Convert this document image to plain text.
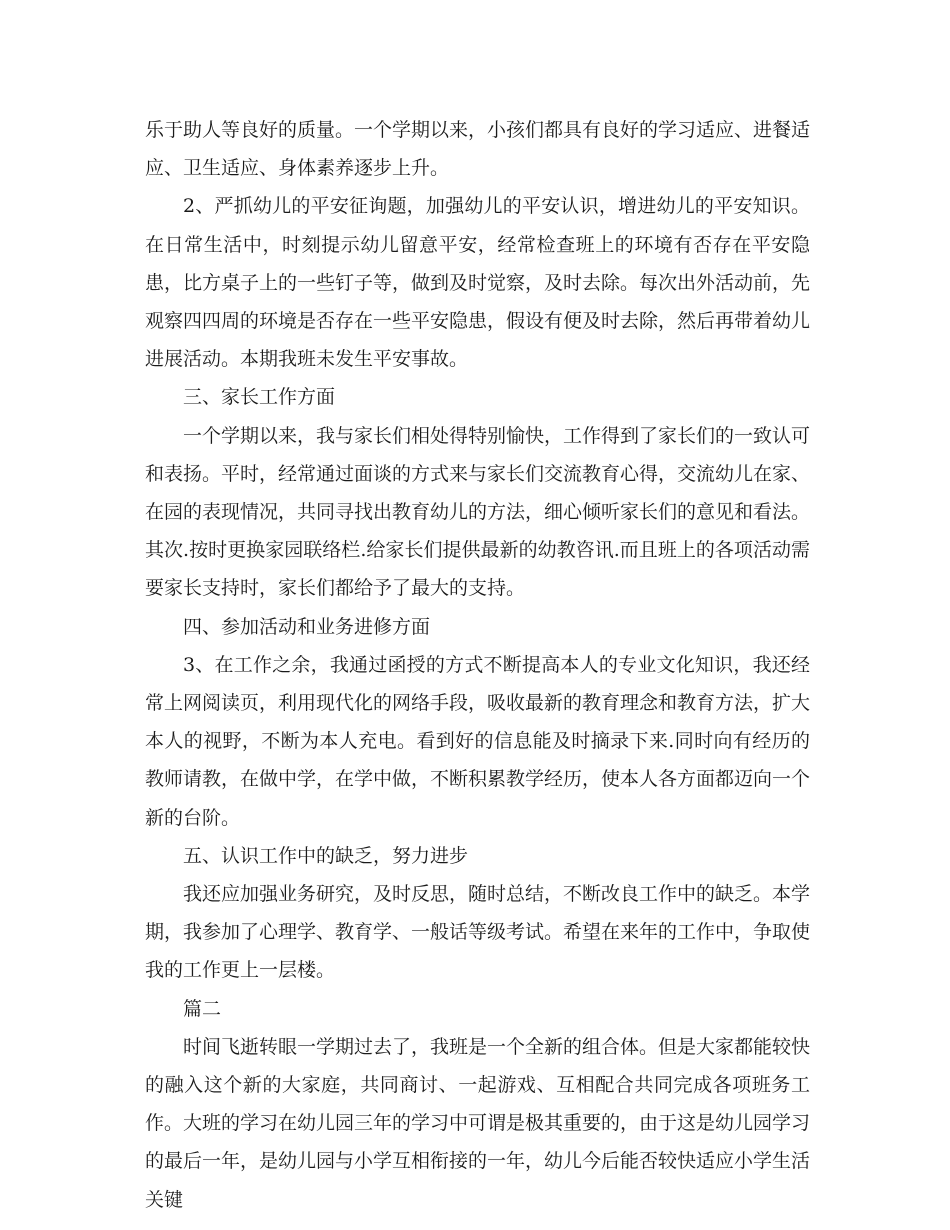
乐于助人等良好的质量。一个学期以来，小孩们都具有良好的学习适应、进餐适应、卫生适应、身体素养逐步上升。

2、严抓幼儿的平安征询题，加强幼儿的平安认识，增进幼儿的平安知识。在日常生活中，时刻提示幼儿留意平安，经常检查班上的环境有否存在平安隐患，比方桌子上的一些钉子等，做到及时觉察，及时去除。每次出外活动前，先观察四四周的环境是否存在一些平安隐患，假设有便及时去除，然后再带着幼儿进展活动。本期我班未发生平安事故。

三、家长工作方面

一个学期以来，我与家长们相处得特别愉快，工作得到了家长们的一致认可和表扬。平时，经常通过面谈的方式来与家长们交流教育心得，交流幼儿在家、在园的表现情况，共同寻找出教育幼儿的方法，细心倾听家长们的意见和看法。其次.按时更换家园联络栏.给家长们提供最新的幼教咨讯.而且班上的各项活动需要家长支持时，家长们都给予了最大的支持。

四、参加活动和业务进修方面

3、在工作之余，我通过函授的方式不断提高本人的专业文化知识，我还经常上网阅读页，利用现代化的网络手段，吸收最新的教育理念和教育方法，扩大本人的视野，不断为本人充电。看到好的信息能及时摘录下来.同时向有经历的教师请教，在做中学，在学中做，不断积累教学经历，使本人各方面都迈向一个新的台阶。

五、认识工作中的缺乏，努力进步

我还应加强业务研究，及时反思，随时总结，不断改良工作中的缺乏。本学期，我参加了心理学、教育学、一般话等级考试。希望在来年的工作中，争取使我的工作更上一层楼。

篇二

时间飞逝转眼一学期过去了，我班是一个全新的组合体。但是大家都能较快的融入这个新的大家庭，共同商讨、一起游戏、互相配合共同完成各项班务工作。大班的学习在幼儿园三年的学习中可谓是极其重要的，由于这是幼儿园学习的最后一年，是幼儿园与小学互相衔接的一年，幼儿今后能否较快适应小学生活关键
